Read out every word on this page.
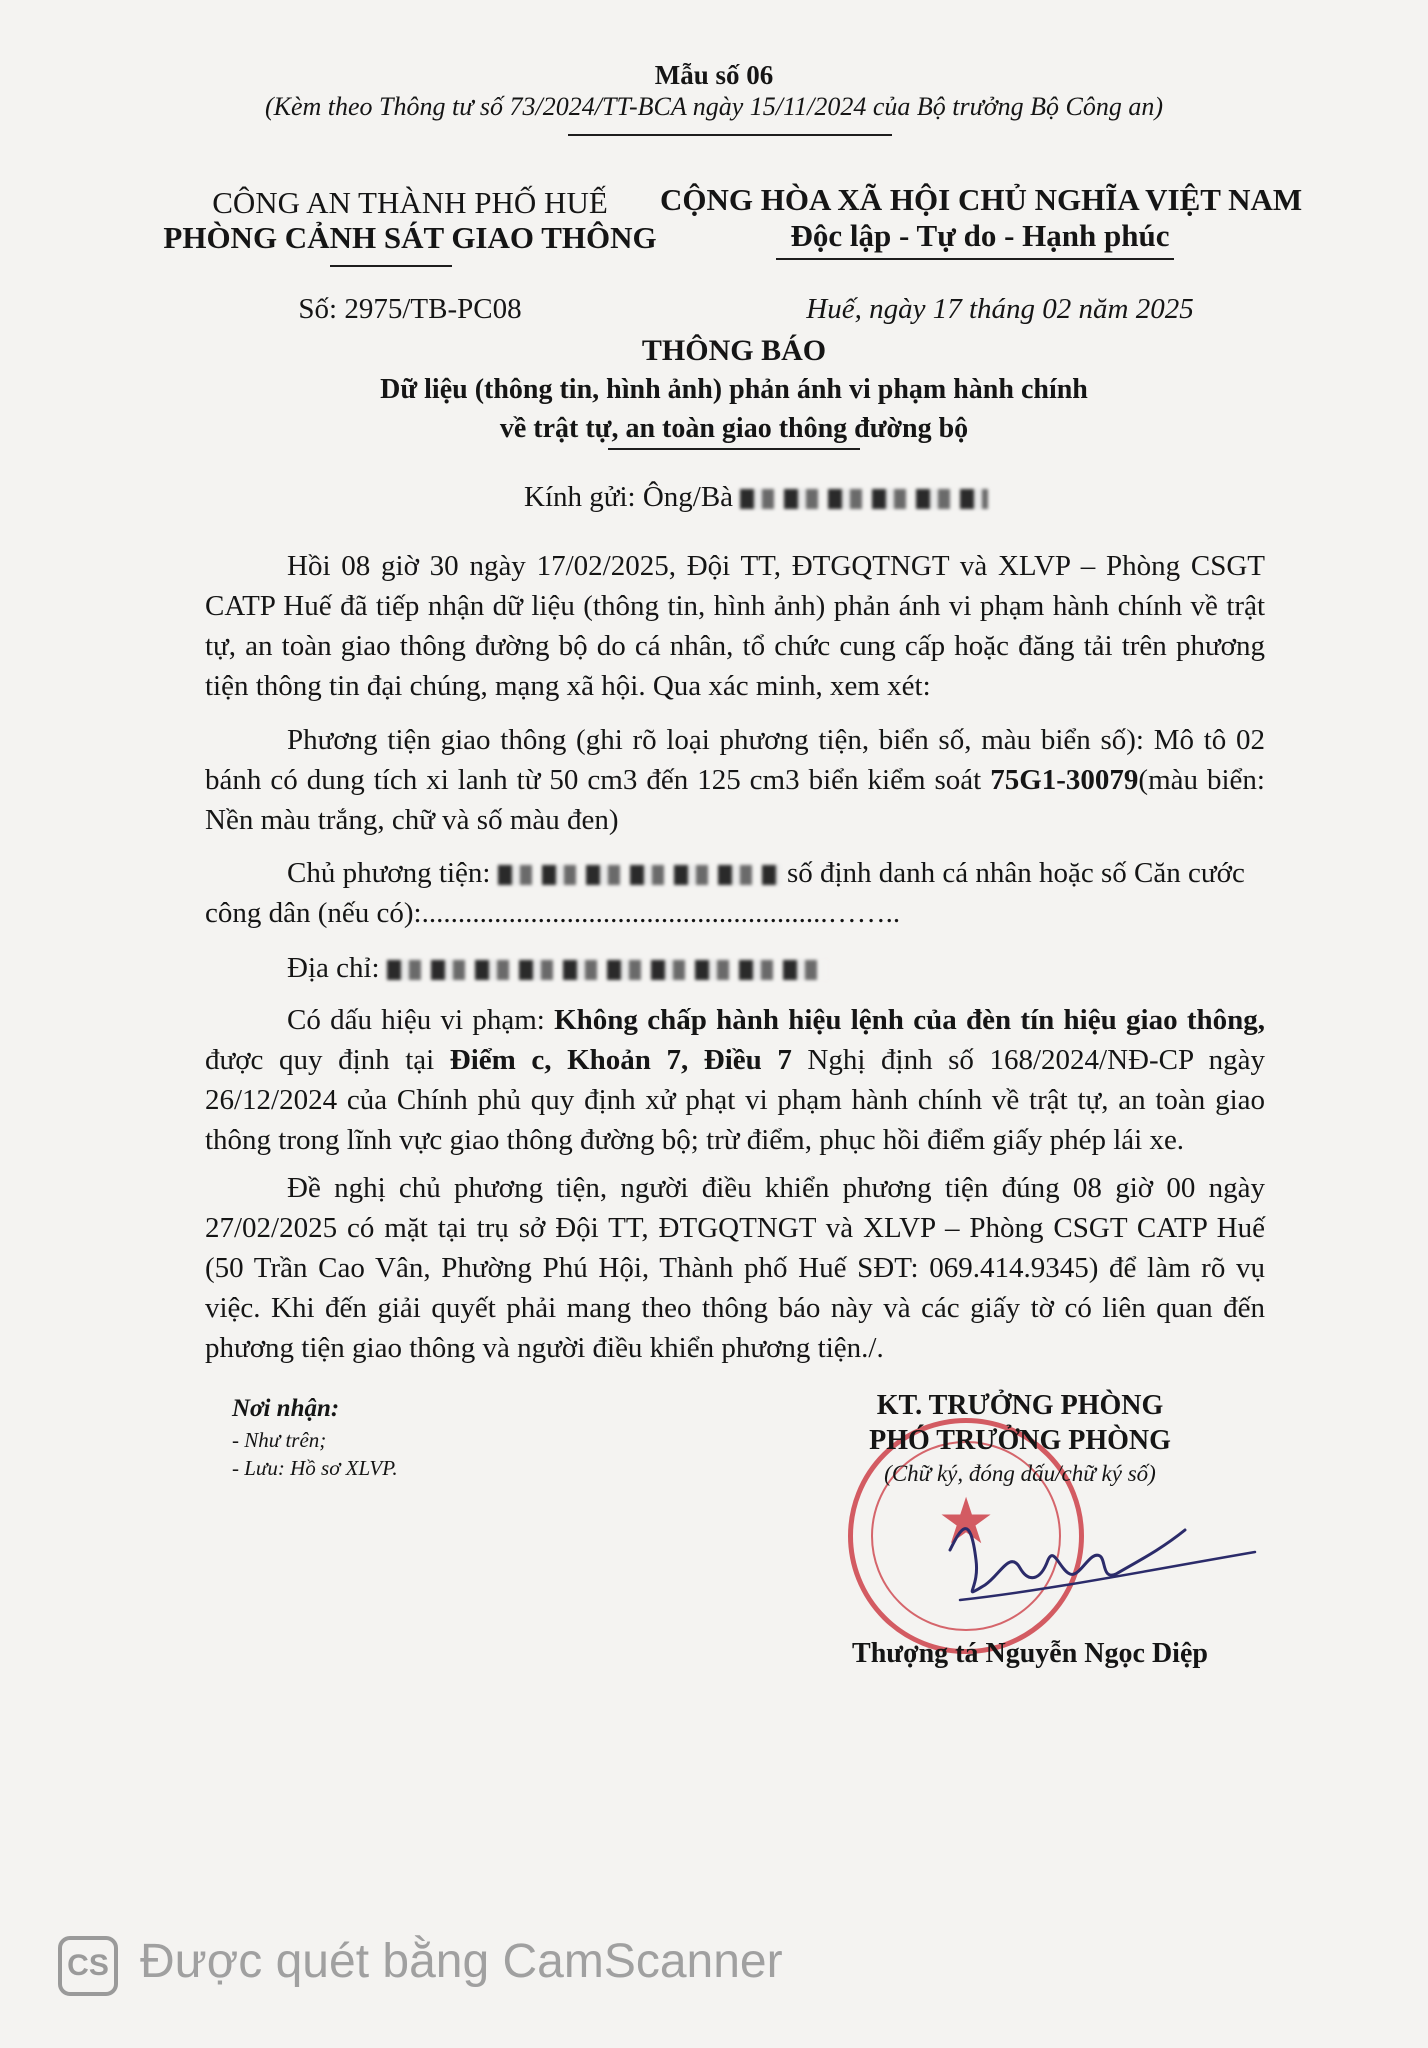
Mẫu số 06
(Kèm theo Thông tư số 73/2024/TT-BCA ngày 15/11/2024 của Bộ trưởng Bộ Công an)
CÔNG AN THÀNH PHỐ HUẾ
PHÒNG CẢNH SÁT GIAO THÔNG
Số: 2975/TB-PC08
CỘNG HÒA XÃ HỘI CHỦ NGHĨA VIỆT NAM
Độc lập - Tự do - Hạnh phúc
Huế, ngày 17 tháng 02 năm 2025
THÔNG BÁO
Dữ liệu (thông tin, hình ảnh) phản ánh vi phạm hành chính
về trật tự, an toàn giao thông đường bộ
Kính gửi: Ông/Bà
Hồi 08 giờ 30 ngày 17/02/2025, Đội TT, ĐTGQTNGT và XLVP – Phòng CSGT CATP Huế đã tiếp nhận dữ liệu (thông tin, hình ảnh) phản ánh vi phạm hành chính về trật tự, an toàn giao thông đường bộ do cá nhân, tổ chức cung cấp hoặc đăng tải trên phương tiện thông tin đại chúng, mạng xã hội. Qua xác minh, xem xét:
Phương tiện giao thông (ghi rõ loại phương tiện, biển số, màu biển số): Mô tô 02 bánh có dung tích xi lanh từ 50 cm3 đến 125 cm3 biển kiểm soát 75G1-30079(màu biển: Nền màu trắng, chữ và số màu đen)
Chủ phương tiện:	số định danh cá nhân hoặc số Căn cước
công dân (nếu có):........................................................……..
Địa chỉ:
Có dấu hiệu vi phạm: Không chấp hành hiệu lệnh của đèn tín hiệu giao thông, được quy định tại Điểm c, Khoản 7, Điều 7 Nghị định số 168/2024/NĐ-CP ngày 26/12/2024 của Chính phủ quy định xử phạt vi phạm hành chính về trật tự, an toàn giao thông trong lĩnh vực giao thông đường bộ; trừ điểm, phục hồi điểm giấy phép lái xe.
Đề nghị chủ phương tiện, người điều khiển phương tiện đúng 08 giờ 00 ngày 27/02/2025 có mặt tại trụ sở Đội TT, ĐTGQTNGT và XLVP – Phòng CSGT CATP Huế (50 Trần Cao Vân, Phường Phú Hội, Thành phố Huế SĐT: 069.414.9345) để làm rõ vụ việc. Khi đến giải quyết phải mang theo thông báo này và các giấy tờ có liên quan đến phương tiện giao thông và người điều khiển phương tiện./.
Nơi nhận:
- Như trên;
- Lưu: Hồ sơ XLVP.
★
KT. TRƯỞNG PHÒNG
PHÓ TRƯỞNG PHÒNG
(Chữ ký, đóng dấu/chữ ký số)
Thượng tá Nguyễn Ngọc Diệp
CS Được quét bằng CamScanner
